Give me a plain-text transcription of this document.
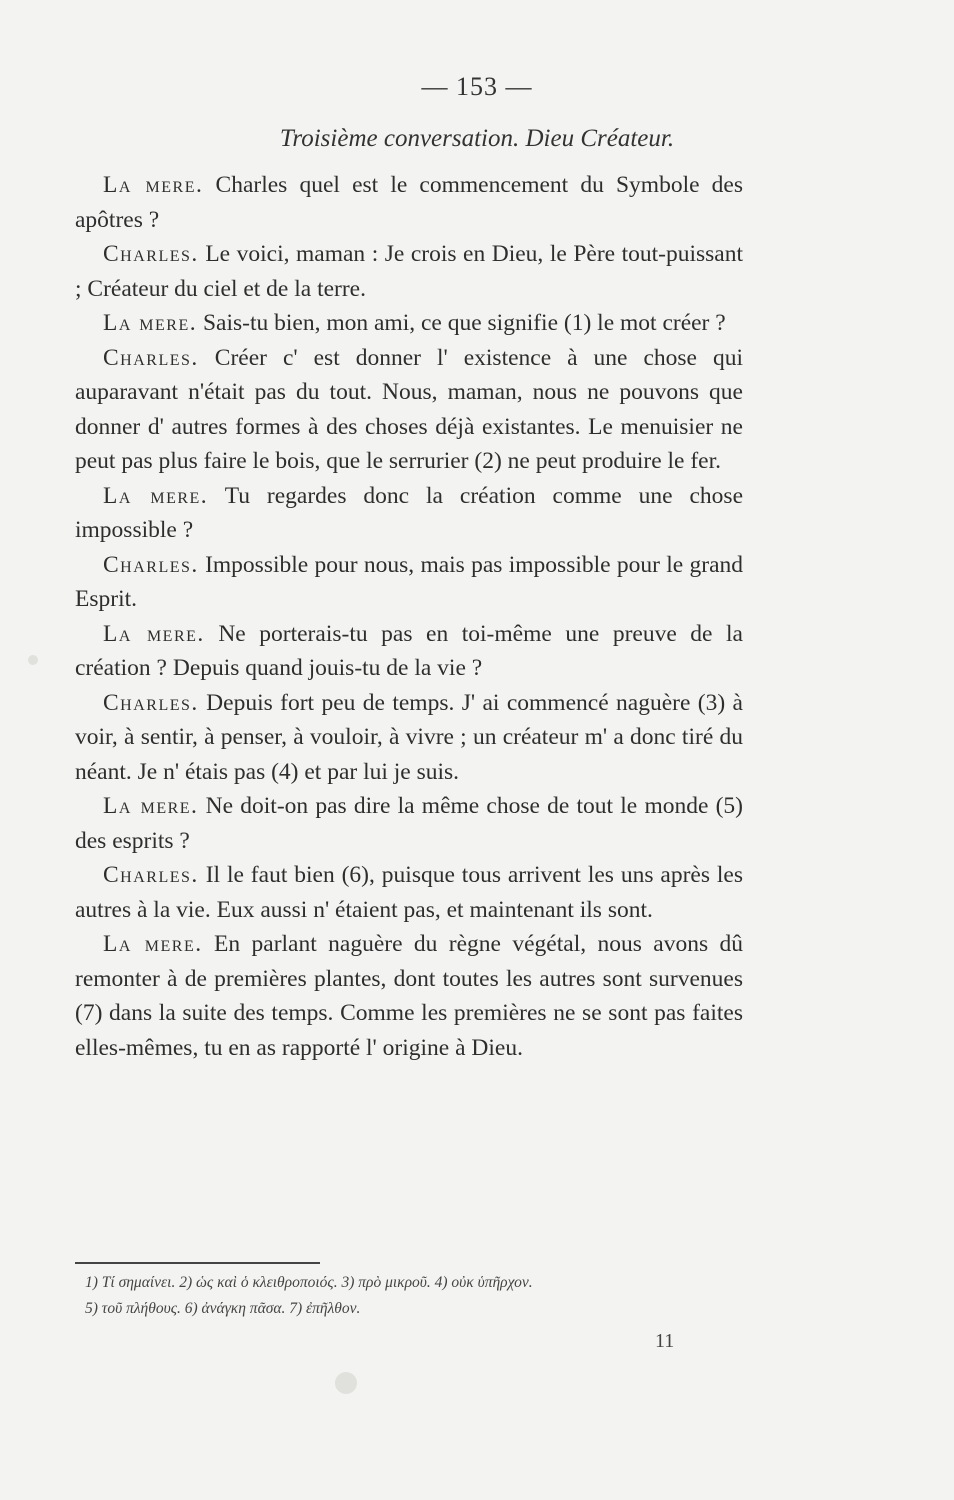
— 153 —
Troisième conversation. Dieu Créateur.

La mere. Charles quel est le commencement du Symbole des apôtres ?

Charles. Le voici, maman : Je crois en Dieu, le Père tout-puissant ; Créateur du ciel et de la terre.

La mere. Sais-tu bien, mon ami, ce que signifie (1) le mot créer ?

Charles. Créer c' est donner l' existence à une chose qui auparavant n'était pas du tout. Nous, maman, nous ne pouvons que donner d' autres formes à des choses déjà existantes. Le menuisier ne peut pas plus faire le bois, que le serrurier (2) ne peut produire le fer.

La mere. Tu regardes donc la création comme une chose impossible ?

Charles. Impossible pour nous, mais pas impossible pour le grand Esprit.

La mere. Ne porterais-tu pas en toi-même une preuve de la création ? Depuis quand jouis-tu de la vie ?

Charles. Depuis fort peu de temps. J' ai commencé naguère (3) à voir, à sentir, à penser, à vouloir, à vivre ; un créateur m' a donc tiré du néant. Je n' étais pas (4) et par lui je suis.

La mere. Ne doit-on pas dire la même chose de tout le monde (5) des esprits ?

Charles. Il le faut bien (6), puisque tous arrivent les uns après les autres à la vie. Eux aussi n' étaient pas, et maintenant ils sont.

La mere. En parlant naguère du règne végétal, nous avons dû remonter à de premières plantes, dont toutes les autres sont survenues (7) dans la suite des temps. Comme les premières ne se sont pas faites elles-mêmes, tu en as rapporté l' origine à Dieu.

1) Τί σημαίνει. 2) ὡς καὶ ὁ κλειθροποιός. 3) πρὸ μικροῦ. 4) οὐκ ὑπῆρχον.

5) τοῦ πλήθους. 6) ἀνάγκη πᾶσα. 7) ἐπῆλθον.

11
